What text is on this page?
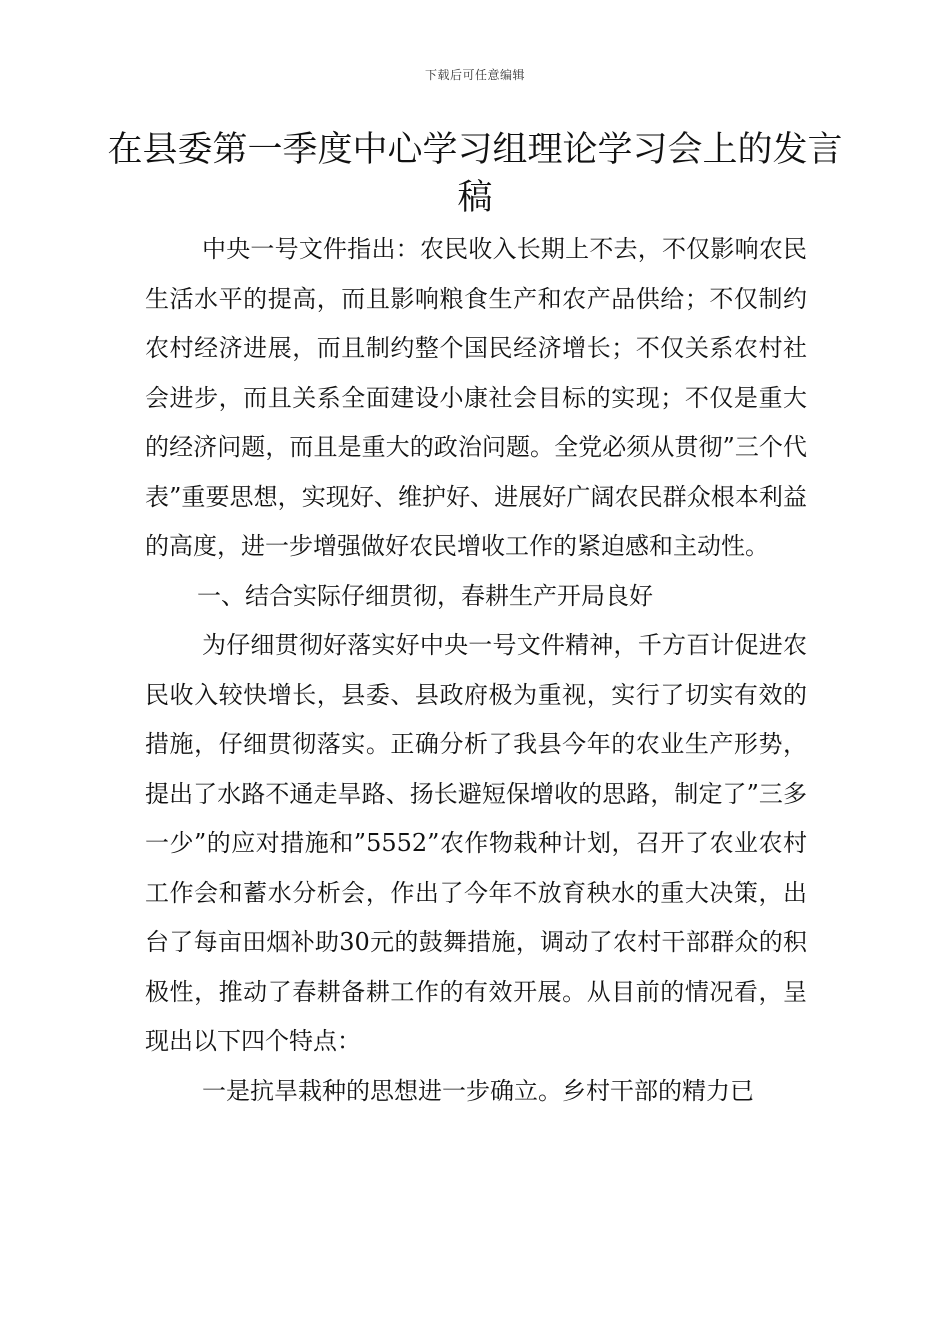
下载后可任意编辑
在县委第一季度中心学习组理论学习会上的发言稿

中央一号文件指出：农民收入长期上不去，不仅影响农民生活水平的提高，而且影响粮食生产和农产品供给；不仅制约农村经济进展，而且制约整个国民经济增长；不仅关系农村社会进步，而且关系全面建设小康社会目标的实现；不仅是重大的经济问题，而且是重大的政治问题。全党必须从贯彻”三个代表”重要思想，实现好、维护好、进展好广阔农民群众根本利益的高度，进一步增强做好农民增收工作的紧迫感和主动性。

一、结合实际仔细贯彻，春耕生产开局良好

为仔细贯彻好落实好中央一号文件精神，千方百计促进农民收入较快增长，县委、县政府极为重视，实行了切实有效的措施，仔细贯彻落实。正确分析了我县今年的农业生产形势，提出了水路不通走旱路、扬长避短保增收的思路，制定了”三多一少”的应对措施和”5552”农作物栽种计划，召开了农业农村工作会和蓄水分析会，作出了今年不放育秧水的重大决策，出台了每亩田烟补助30元的鼓舞措施，调动了农村干部群众的积极性，推动了春耕备耕工作的有效开展。从目前的情况看，呈现出以下四个特点：

一是抗旱栽种的思想进一步确立。乡村干部的精力已
